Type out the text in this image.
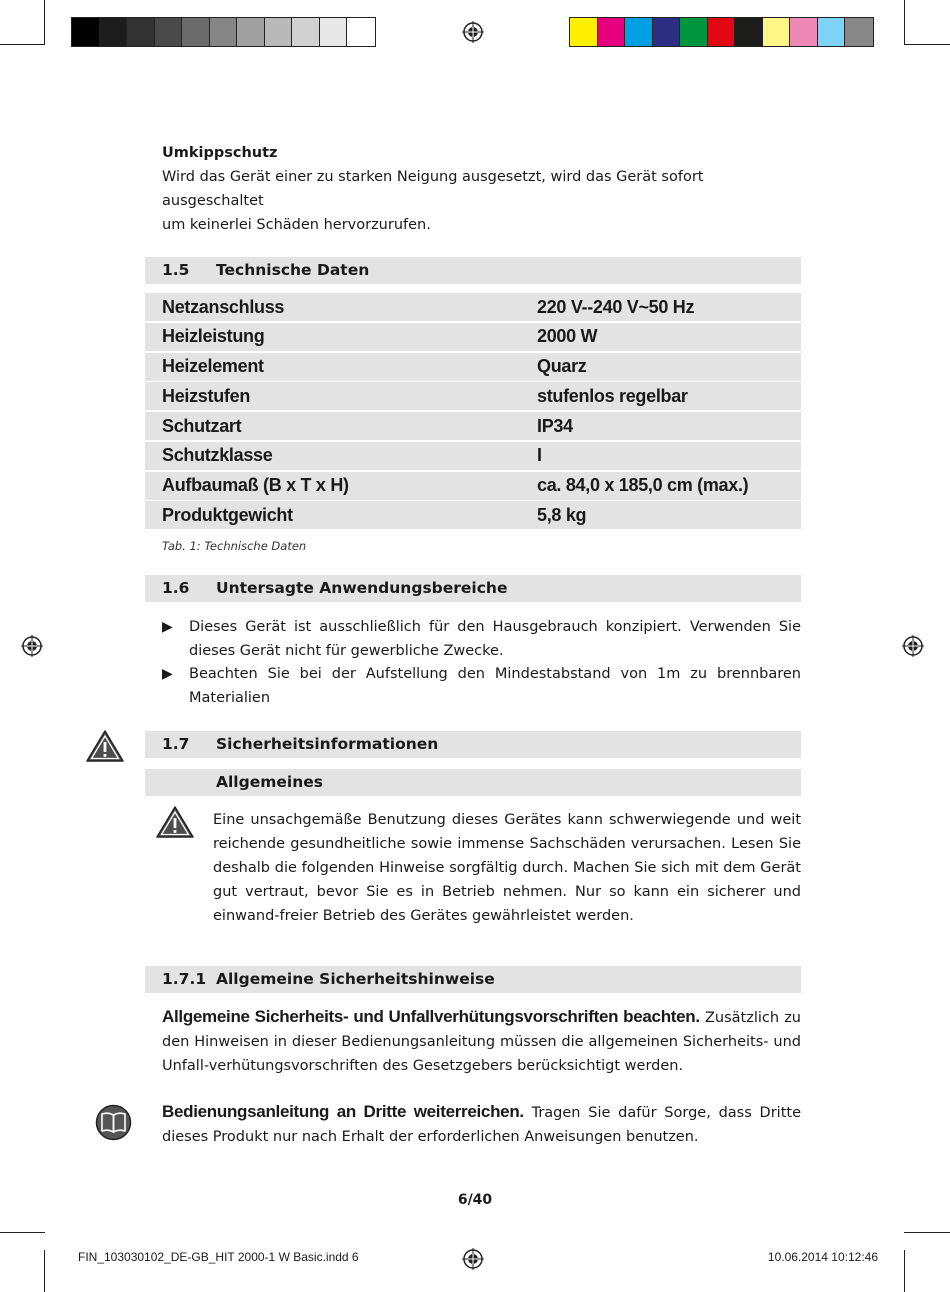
Umkippschutz

Wird das Gerät einer zu starken Neigung ausgesetzt, wird das Gerät sofort ausgeschaltet

um keinerlei Schäden hervorzurufen.

1.5 Technische Daten
Netzanschluss	220 V--240 V~50 Hz
Heizleistung	2000 W
Heizelement	Quarz
Heizstufen	stufenlos regelbar
Schutzart	IP34
Schutzklasse	I
Aufbaumaß (B x T x H)	ca. 84,0 x 185,0 cm (max.)
Produktgewicht	5,8 kg
Tab. 1: Technische Daten
1.6 Untersagte Anwendungsbereiche
▶	Dieses Gerät ist ausschließlich für den Hausgebrauch konzipiert. Verwenden Sie dieses Gerät nicht für gewerbliche Zwecke.
▶	Beachten Sie bei der Aufstellung den Mindestabstand von 1m zu brennbaren Materialien
1.7 Sicherheitsinformationen
Allgemeines

Eine unsachgemäße Benutzung dieses Gerätes kann schwerwiegende und weit reichende gesundheitliche sowie immense Sachschäden verursachen. Lesen Sie deshalb die folgenden Hinweise sorgfältig durch. Machen Sie sich mit dem Gerät gut vertraut, bevor Sie es in Betrieb nehmen. Nur so kann ein sicherer und einwand-freier Betrieb des Gerätes gewährleistet werden.

1.7.1 Allgemeine Sicherheitshinweise

Allgemeine Sicherheits- und Unfallverhütungsvorschriften beachten. Zusätzlich zu den Hinweisen in dieser Bedienungsanleitung müssen die allgemeinen Sicherheits- und Unfall-verhütungsvorschriften des Gesetzgebers berücksichtigt werden.

Bedienungsanleitung an Dritte weiterreichen. Tragen Sie dafür Sorge, dass Dritte dieses Produkt nur nach Erhalt der erforderlichen Anweisungen benutzen.

6/40
FIN_103030102_DE-GB_HIT 2000-1 W Basic.indd 6	10.06.2014 10:12:46
